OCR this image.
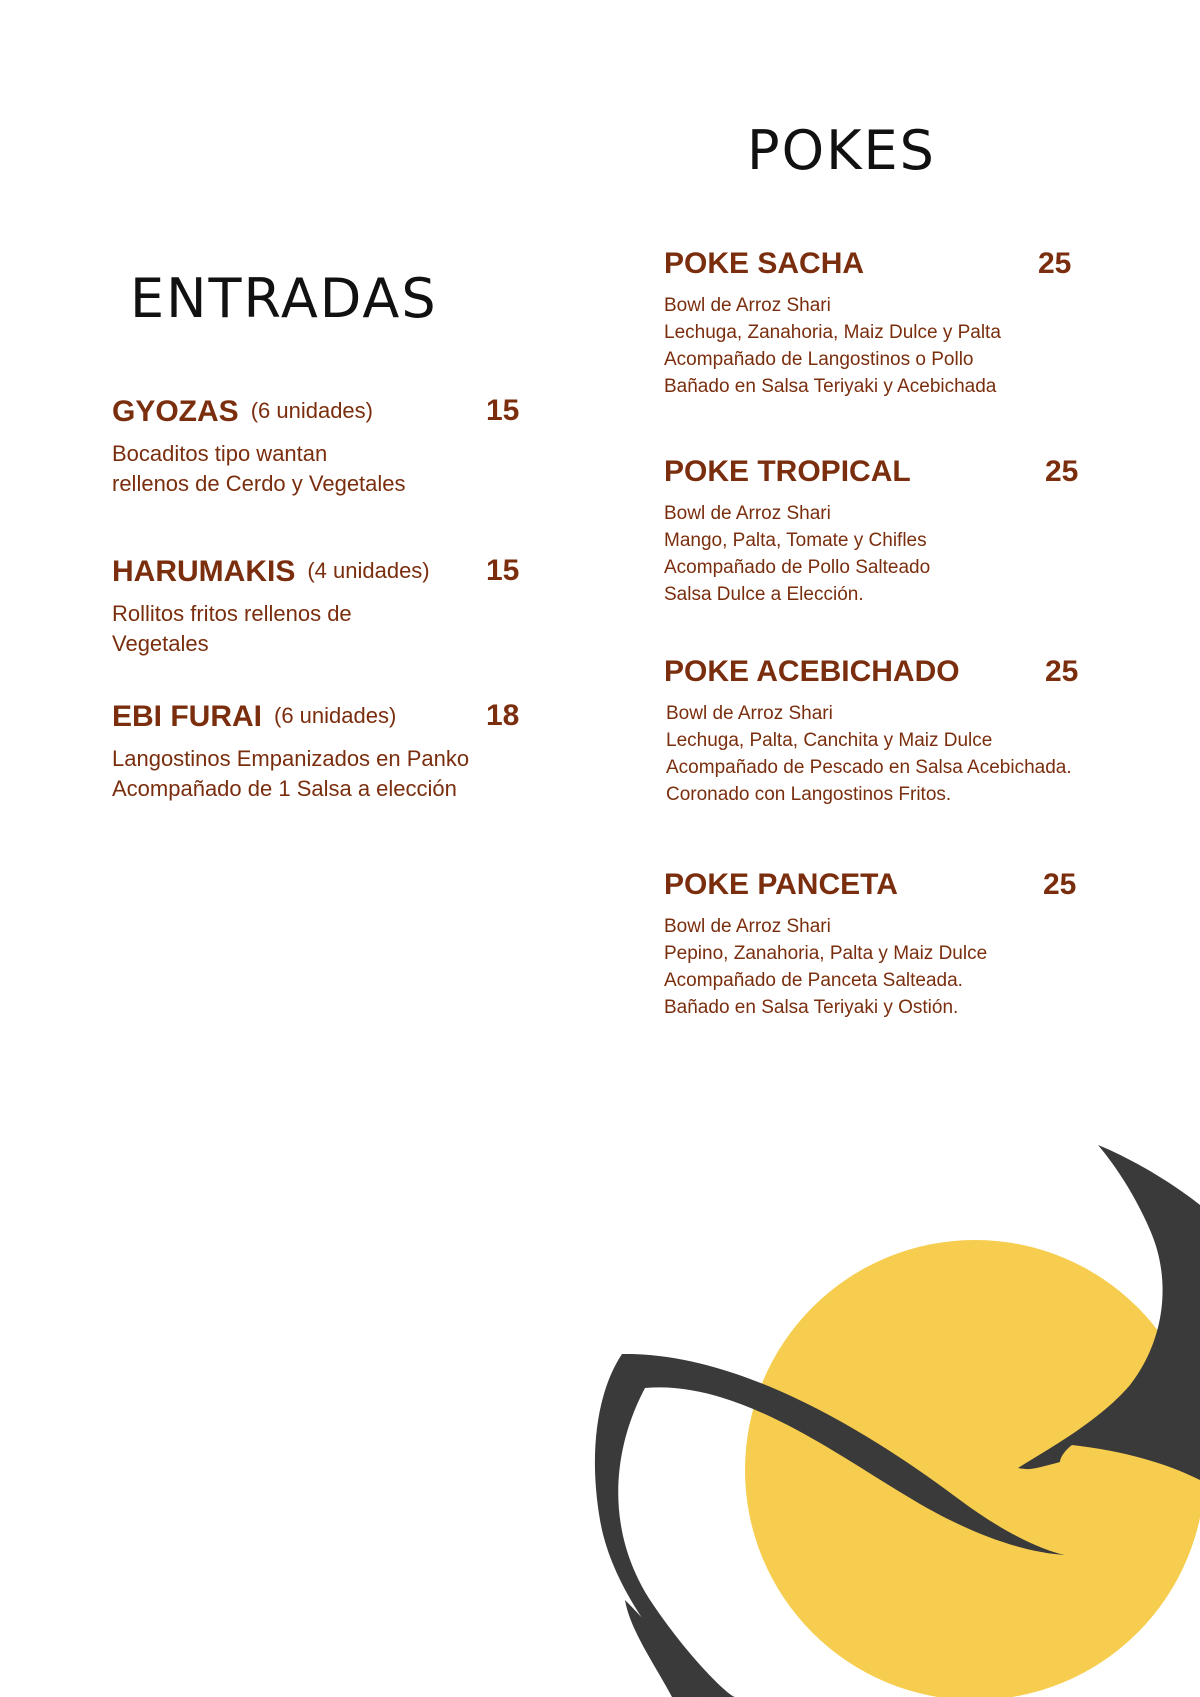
ENTRADAS
POKES
GYOZAS (6 unidades)	15
Bocaditos tipo wantan
rellenos de Cerdo y Vegetales
HARUMAKIS (4 unidades) 15
Rollitos fritos rellenos de
Vegetales
EBI FURAI (6 unidades)	18
Langostinos Empanizados en Panko
Acompañado de 1 Salsa a elección
POKE SACHA	25
Bowl de Arroz Shari
Lechuga, Zanahoria, Maiz Dulce y Palta
Acompañado de Langostinos o Pollo
Bañado en Salsa Teriyaki y Acebichada
POKE TROPICAL	25
Bowl de Arroz Shari
Mango, Palta, Tomate y Chifles
Acompañado de Pollo Salteado
Salsa Dulce a Elección.
POKE ACEBICHADO	25
Bowl de Arroz Shari
Lechuga, Palta, Canchita y Maiz Dulce
Acompañado de Pescado en Salsa Acebichada.
Coronado con Langostinos Fritos.
POKE PANCETA	25
Bowl de Arroz Shari
Pepino, Zanahoria, Palta y Maiz Dulce
Acompañado de Panceta Salteada.
Bañado en Salsa Teriyaki y Ostión.
